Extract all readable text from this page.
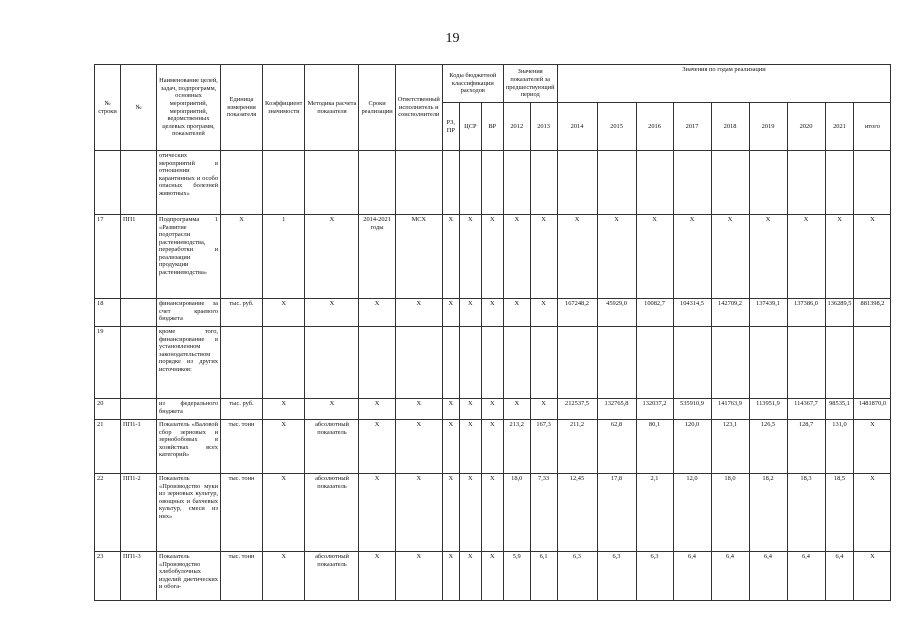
19
№ строки	№	Наименование целей, задач, подпрограмм, основных мероприятий, мероприятий, ведомственных целевых программ, показателей	Единица измерения показателя	Коэффициент значимости	Методика расчета показателя	Сроки реализации	Ответственный исполнитель и соисполнители	Коды бюджетной классификации расходов			Значения показателей за предшествующий период		Значения по годам реализации								
								РЗ, ПР	ЦСР	ВР	2012	2013	2014	2015	2016	2017	2018	2019	2020	2021	итого
		отических мероприятий в отношении карантинных и особо опасных болезней животных»																			
17	ПП1	Подпрограмма 1 «Развитие подотрасли растениеводства, переработки и реализации продукции растениеводства»	Х	1	Х	2014-2021 годы	МСХ	Х	Х	Х	Х	Х	Х	Х	Х	Х	Х	Х	Х	Х	Х
18		финансирование за счет краевого бюджета	тыс. руб.	Х	Х	Х	Х	Х	Х	Х	Х	Х	167248,2	45929,0	10082,7	104314,5	142709,2	137439,1	137386,0	136289,5	881398,2
19		кроме того, финансирование в установленном законодательством порядке из других источников:																			
20		из федерального бюджета	тыс. руб.	Х	Х	Х	Х	Х	Х	Х	Х	Х	212537,5	132765,8	132037,2	535910,9	141763,9	113951,9	114367,7	98535,1	1481870,0
21	ПП1-1	Показатель «Валовой сбор зерновых и зернобобовых в хозяйствах всех категорий»	тыс. тонн	Х	абсолютный показатель	Х	Х	Х	Х	Х	213,2	167,3	211,2	62,8	80,1	120,0	123,1	126,5	128,7	131,0	Х
22	ПП1-2	Показатель «Производство муки из зерновых культур, овощных и бахчевых культур, смеси из них»	тыс. тонн	Х	абсолютный показатель	Х	Х	Х	Х	Х	18,0	7,33	12,45	17,8	2,1	12,0	18,0	18,2	18,3	18,5	Х
23	ПП1-3	Показатель «Производство хлебобулочных изделий диетических и обога-	тыс. тонн	Х	абсолютный показатель	Х	Х	Х	Х	Х	5,9	6,1	6,3	6,3	6,3	6,4	6,4	6,4	6,4	6,4	Х
